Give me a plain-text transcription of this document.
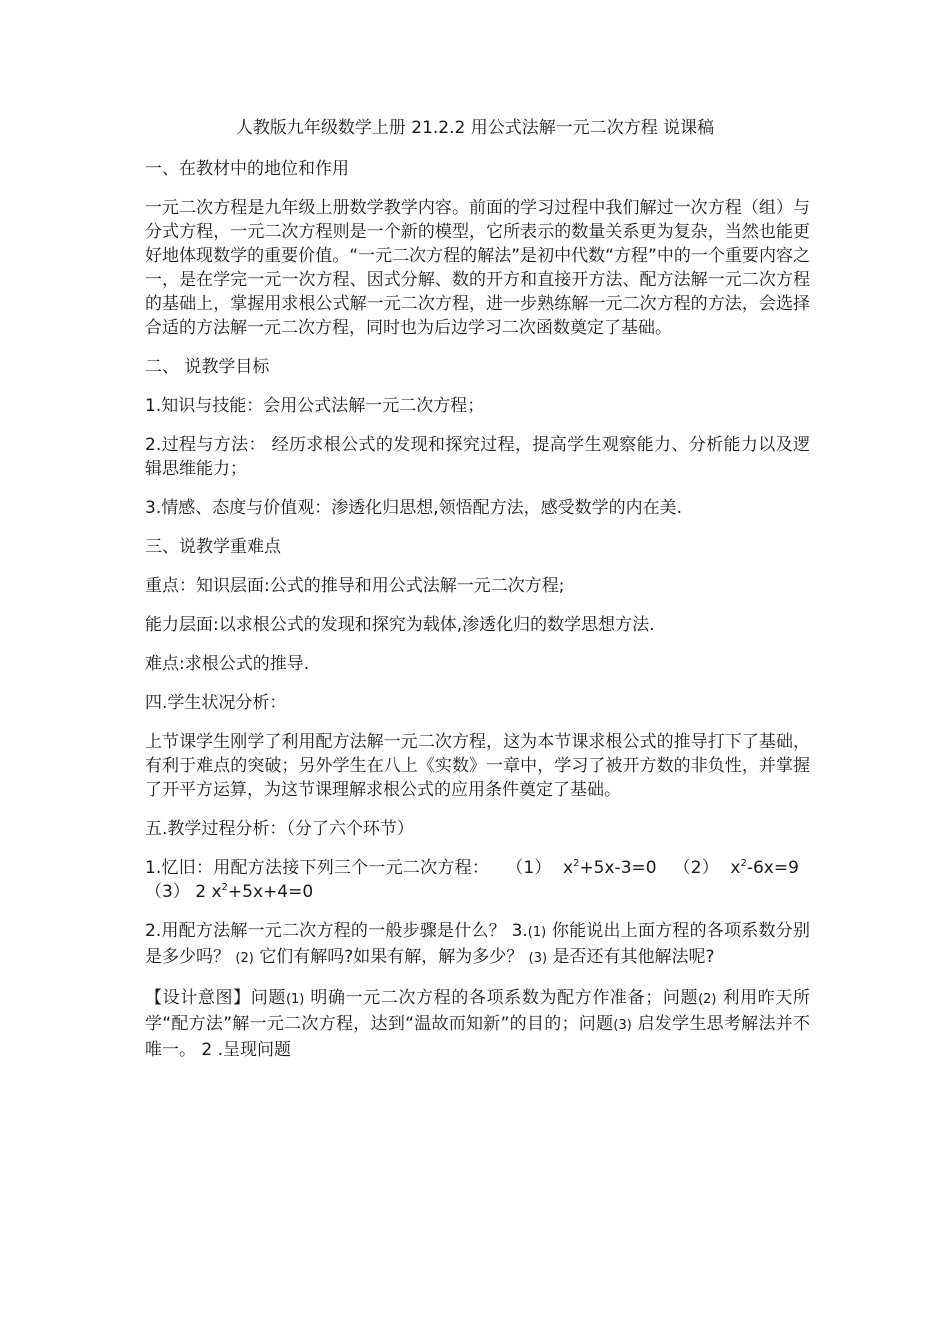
人教版九年级数学上册 21.2.2 用公式法解一元二次方程 说课稿
一、在教材中的地位和作用
一元二次方程是九年级上册数学教学内容。前面的学习过程中我们解过一次方程（组）与分式方程，一元二次方程则是一个新的模型，它所表示的数量关系更为复杂，当然也能更好地体现数学的重要价值。“一元二次方程的解法”是初中代数“方程”中的一个重要内容之一，是在学完一元一次方程、因式分解、数的开方和直接开方法、配方法解一元二次方程的基础上，掌握用求根公式解一元二次方程，进一步熟练解一元二次方程的方法，会选择合适的方法解一元二次方程，同时也为后边学习二次函数奠定了基础。
二、 说教学目标
1.知识与技能：会用公式法解一元二次方程；
2.过程与方法： 经历求根公式的发现和探究过程，提高学生观察能力、分析能力以及逻辑思维能力；
3.情感、态度与价值观：渗透化归思想,领悟配方法，感受数学的内在美.
三、说教学重难点
重点：知识层面:公式的推导和用公式法解一元二次方程;
能力层面:以求根公式的发现和探究为载体,渗透化归的数学思想方法.
难点:求根公式的推导.
四.学生状况分析：
上节课学生刚学了利用配方法解一元二次方程，这为本节课求根公式的推导打下了基础，有利于难点的突破；另外学生在八上《实数》一章中，学习了被开方数的非负性，并掌握了开平方运算，为这节课理解求根公式的应用条件奠定了基础。
五.教学过程分析：（分了六个环节）
1.忆旧：用配方法接下列三个一元二次方程： （1） $x^2+5x-3=0$ （2） $x^2-6x=9$   （3） 2 $x^2+5x+4=0$
2.用配方法解一元二次方程的一般步骤是什么？ 3.(1) 你能说出上面方程的各项系数分别是多少吗？ (2) 它们有解吗?如果有解，解为多少？ (3) 是否还有其他解法呢?
【设计意图】问题(1) 明确一元二次方程的各项系数为配方作准备；问题(2) 利用昨天所学“配方法”解一元二次方程，达到“温故而知新”的目的；问题(3) 启发学生思考解法并不唯一。 2 .呈现问题
